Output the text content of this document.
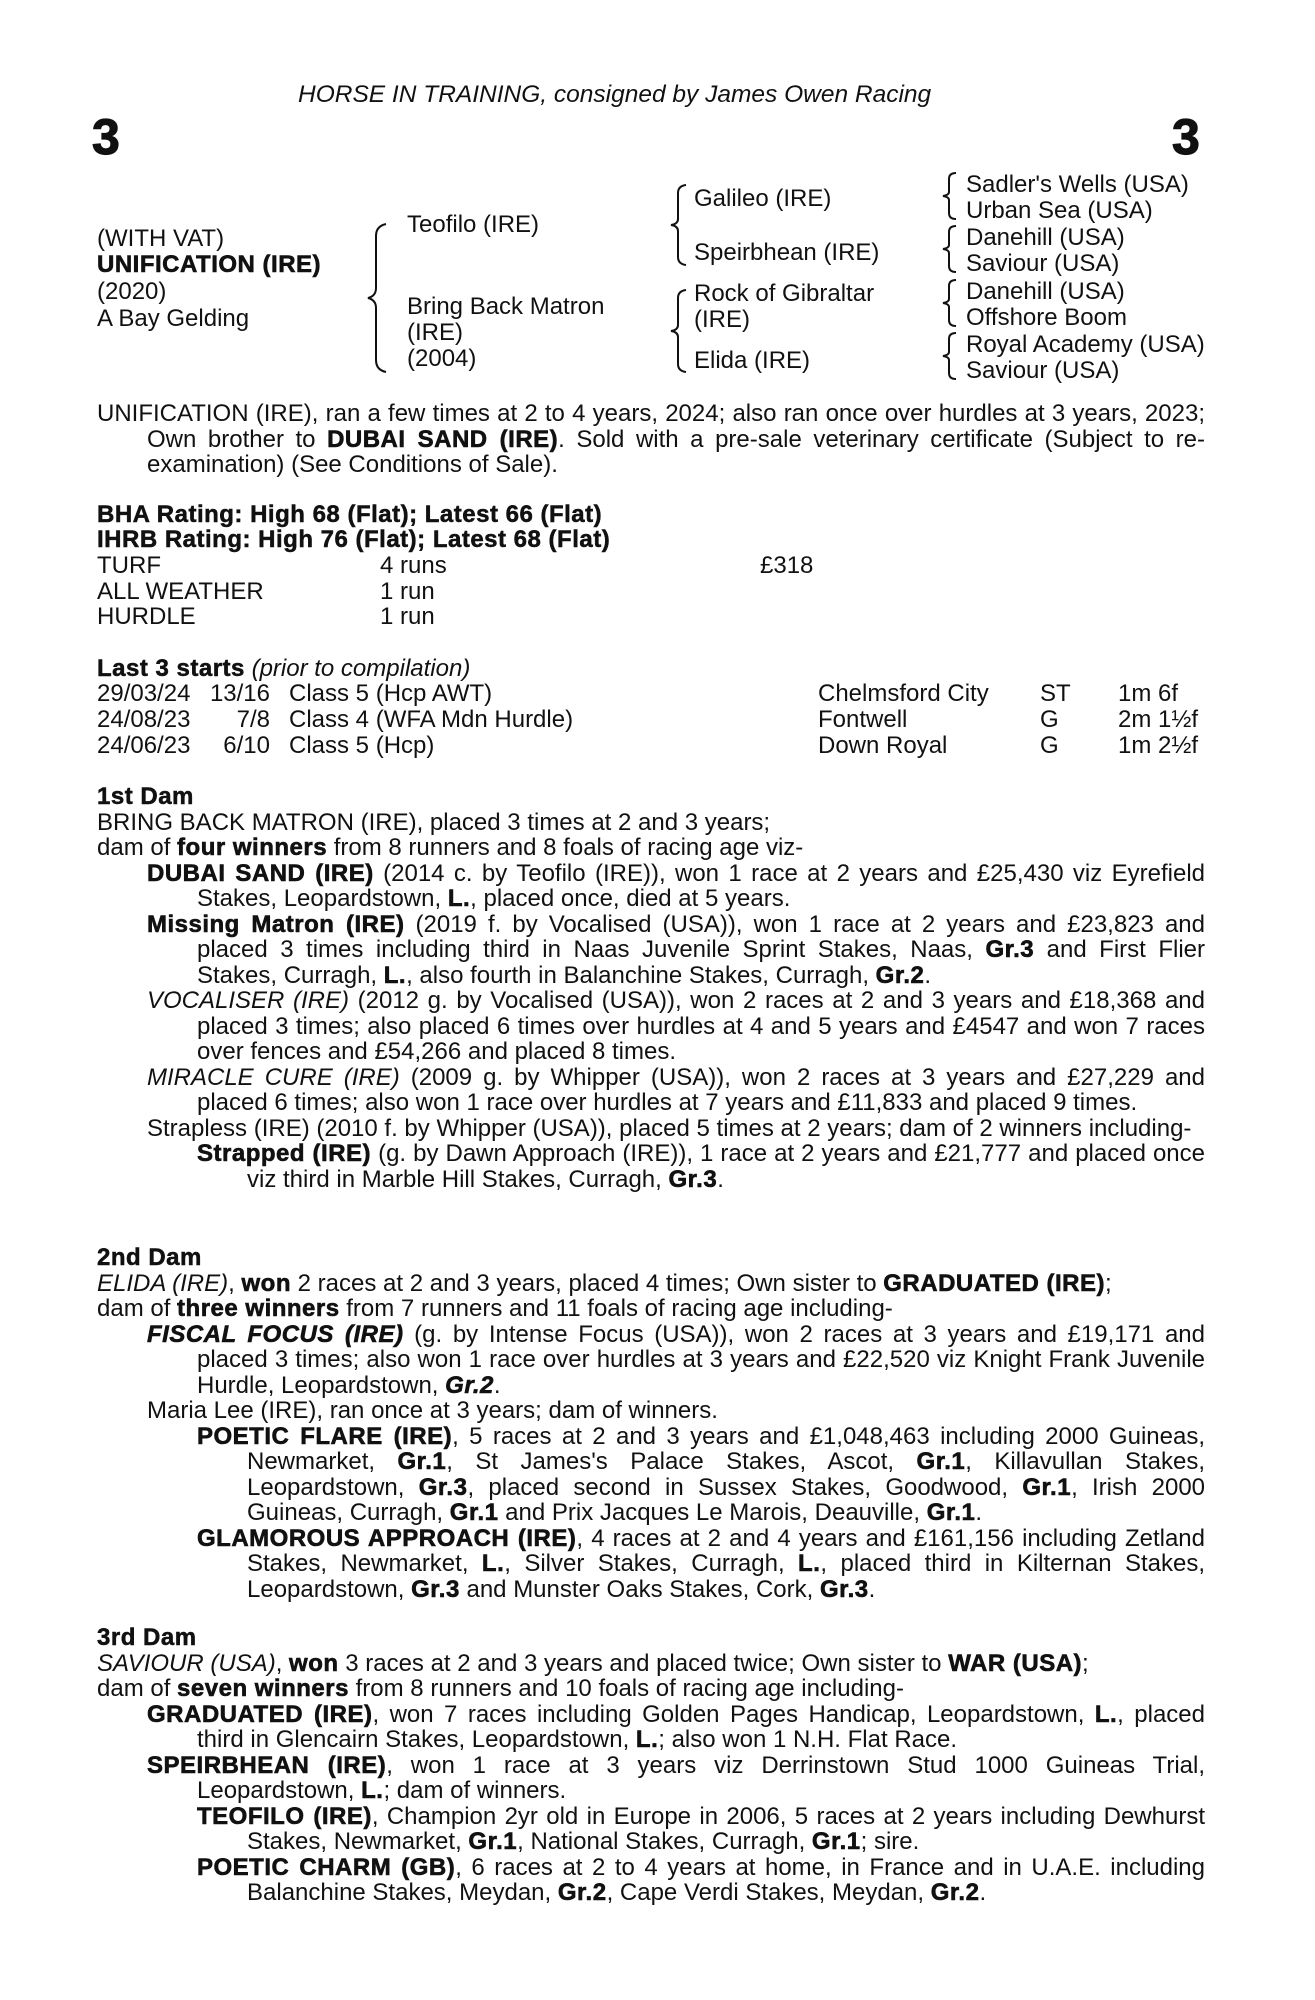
HORSE IN TRAINING, consigned by James Owen Racing
3	3
(WITH VAT)
UNIFICATION (IRE)
(2020)
A Bay Gelding
Teofilo (IRE)
Bring Back Matron
(IRE)
(2004)
Galileo (IRE)
Speirbhean (IRE)
Rock of Gibraltar
(IRE)
Elida (IRE)
Sadler's Wells (USA)
Urban Sea (USA)
Danehill (USA)
Saviour (USA)
Danehill (USA)
Offshore Boom
Royal Academy (USA)
Saviour (USA)

UNIFICATION (IRE), ran a few times at 2 to 4 years, 2024; also ran once over hurdles at 3 years, 2023; Own brother to DUBAI SAND (IRE). Sold with a pre-sale veterinary certificate (Subject to re-examination) (See Conditions of Sale).

BHA Rating: High 68 (Flat); Latest 66 (Flat)
IHRB Rating: High 76 (Flat); Latest 68 (Flat)
TURF	4 runs	£318
ALL WEATHER	1 run
HURDLE	1 run
Last 3 starts (prior to compilation)
29/03/24 13/16 Class 5 (Hcp AWT)	Chelmsford City ST 1m 6f
24/08/23	7/8 Class 4 (WFA Mdn Hurdle)	Fontwell	G 2m 1½f
24/06/23	6/10 Class 5 (Hcp)	Down Royal	G 1m 2½f

1st Dam

BRING BACK MATRON (IRE), placed 3 times at 2 and 3 years;

dam of four winners from 8 runners and 8 foals of racing age viz-

DUBAI SAND (IRE) (2014 c. by Teofilo (IRE)), won 1 race at 2 years and £25,430 viz Eyrefield Stakes, Leopardstown, L., placed once, died at 5 years.

Missing Matron (IRE) (2019 f. by Vocalised (USA)), won 1 race at 2 years and £23,823 and placed 3 times including third in Naas Juvenile Sprint Stakes, Naas, Gr.3 and First Flier Stakes, Curragh, L., also fourth in Balanchine Stakes, Curragh, Gr.2.

VOCALISER (IRE) (2012 g. by Vocalised (USA)), won 2 races at 2 and 3 years and £18,368 and placed 3 times; also placed 6 times over hurdles at 4 and 5 years and £4547 and won 7 races over fences and £54,266 and placed 8 times.

MIRACLE CURE (IRE) (2009 g. by Whipper (USA)), won 2 races at 3 years and £27,229 and placed 6 times; also won 1 race over hurdles at 7 years and £11,833 and placed 9 times.

Strapless (IRE) (2010 f. by Whipper (USA)), placed 5 times at 2 years; dam of 2 winners including-

Strapped (IRE) (g. by Dawn Approach (IRE)), 1 race at 2 years and £21,777 and placed once viz third in Marble Hill Stakes, Curragh, Gr.3.

2nd Dam

ELIDA (IRE), won 2 races at 2 and 3 years, placed 4 times; Own sister to GRADUATED (IRE);

dam of three winners from 7 runners and 11 foals of racing age including-

FISCAL FOCUS (IRE) (g. by Intense Focus (USA)), won 2 races at 3 years and £19,171 and placed 3 times; also won 1 race over hurdles at 3 years and £22,520 viz Knight Frank Juvenile Hurdle, Leopardstown, Gr.2.

Maria Lee (IRE), ran once at 3 years; dam of winners.

POETIC FLARE (IRE), 5 races at 2 and 3 years and £1,048,463 including 2000 Guineas, Newmarket, Gr.1, St James's Palace Stakes, Ascot, Gr.1, Killavullan Stakes, Leopardstown, Gr.3, placed second in Sussex Stakes, Goodwood, Gr.1, Irish 2000 Guineas, Curragh, Gr.1 and Prix Jacques Le Marois, Deauville, Gr.1.

GLAMOROUS APPROACH (IRE), 4 races at 2 and 4 years and £161,156 including Zetland Stakes, Newmarket, L., Silver Stakes, Curragh, L., placed third in Kilternan Stakes, Leopardstown, Gr.3 and Munster Oaks Stakes, Cork, Gr.3.

3rd Dam

SAVIOUR (USA), won 3 races at 2 and 3 years and placed twice; Own sister to WAR (USA);

dam of seven winners from 8 runners and 10 foals of racing age including-

GRADUATED (IRE), won 7 races including Golden Pages Handicap, Leopardstown, L., placed third in Glencairn Stakes, Leopardstown, L.; also won 1 N.H. Flat Race.

SPEIRBHEAN (IRE), won 1 race at 3 years viz Derrinstown Stud 1000 Guineas Trial, Leopardstown, L.; dam of winners.

TEOFILO (IRE), Champion 2yr old in Europe in 2006, 5 races at 2 years including Dewhurst Stakes, Newmarket, Gr.1, National Stakes, Curragh, Gr.1; sire.

POETIC CHARM (GB), 6 races at 2 to 4 years at home, in France and in U.A.E. including Balanchine Stakes, Meydan, Gr.2, Cape Verdi Stakes, Meydan, Gr.2.
